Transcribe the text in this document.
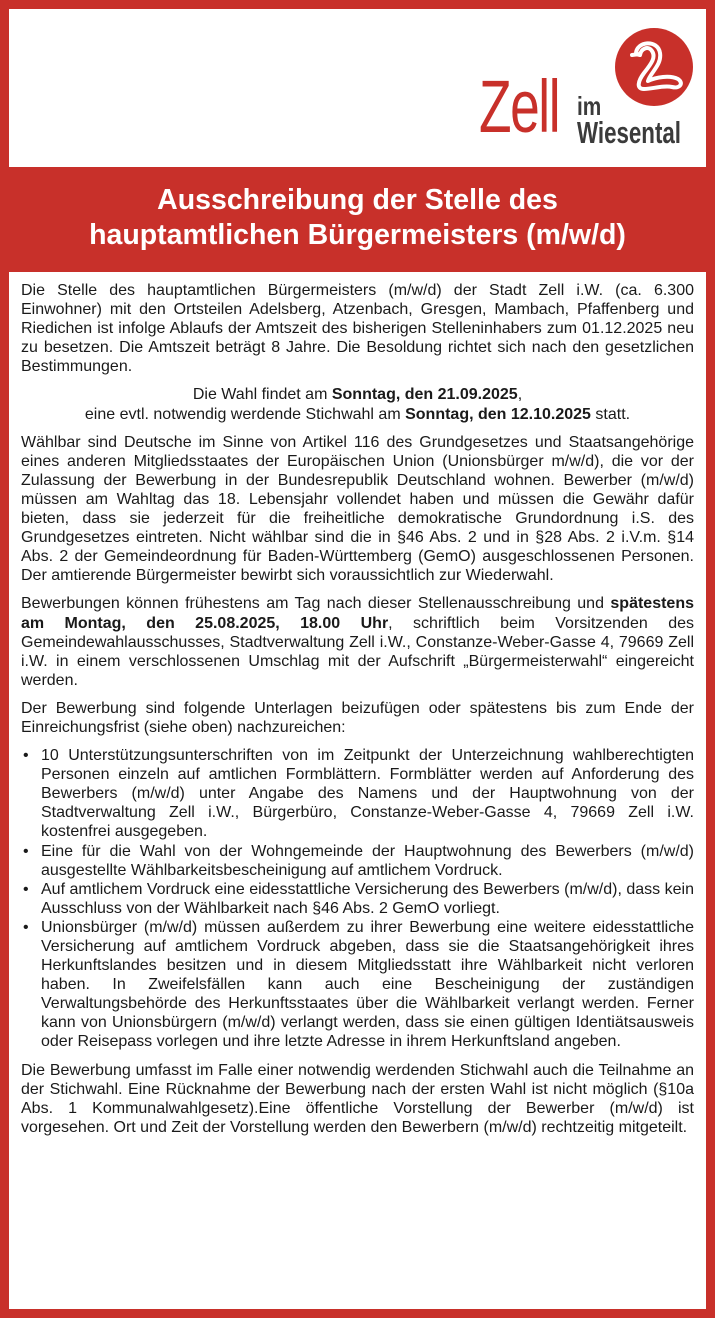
Zell im
Wiesental
Ausschreibung der Stelle des
hauptamtlichen Bürgermeisters (m/w/d)

Die Stelle des hauptamtlichen Bürgermeisters (m/w/d) der Stadt Zell i.W. (ca. 6.300 Einwohner) mit den Ortsteilen Adelsberg, Atzenbach, Gresgen, Mambach, Pfaffenberg und Riedichen ist infolge Ablaufs der Amtszeit des bisherigen Stelleninhabers zum 01.12.2025 neu zu besetzen. Die Amtszeit beträgt 8 Jahre. Die Besoldung richtet sich nach den gesetzlichen Bestimmungen.

Die Wahl findet am Sonntag, den 21.09.2025,
eine evtl. notwendig werdende Stichwahl am Sonntag, den 12.10.2025 statt.

Wählbar sind Deutsche im Sinne von Artikel 116 des Grundgesetzes und Staatsangehörige eines anderen Mitgliedsstaates der Europäischen Union (Unionsbürger m/w/d), die vor der Zulassung der Bewerbung in der Bundesrepublik Deutschland wohnen. Bewerber (m/w/d) müssen am Wahltag das 18. Lebensjahr vollendet haben und müssen die Gewähr dafür bieten, dass sie jederzeit für die freiheitliche demokratische Grundordnung i.S. des Grundgesetzes eintreten. Nicht wählbar sind die in §46 Abs. 2 und in §28 Abs. 2 i.V.m. §14 Abs. 2 der Gemeindeordnung für Baden-Württemberg (GemO) ausgeschlossenen Personen. Der amtierende Bürgermeister bewirbt sich voraussichtlich zur Wiederwahl.

Bewerbungen können frühestens am Tag nach dieser Stellenausschreibung und spätestens am Montag, den 25.08.2025, 18.00 Uhr, schriftlich beim Vorsitzenden des Gemeindewahlausschusses, Stadtverwaltung Zell i.W., Constanze-Weber-Gasse 4, 79669 Zell i.W. in einem verschlossenen Umschlag mit der Aufschrift „Bürgermeisterwahl“ eingereicht werden.

Der Bewerbung sind folgende Unterlagen beizufügen oder spätestens bis zum Ende der Einreichungsfrist (siehe oben) nachzureichen:

• 10 Unterstützungsunterschriften von im Zeitpunkt der Unterzeichnung wahlberechtigten Personen einzeln auf amtlichen Formblättern. Formblätter werden auf Anforderung des Bewerbers (m/w/d) unter Angabe des Namens und der Hauptwohnung von der Stadtverwaltung Zell i.W., Bürgerbüro, Constanze-Weber-Gasse 4, 79669 Zell i.W. kostenfrei ausgegeben.
• Eine für die Wahl von der Wohngemeinde der Hauptwohnung des Bewerbers (m/w/d) ausgestellte Wählbarkeitsbescheinigung auf amtlichem Vordruck.
• Auf amtlichem Vordruck eine eidesstattliche Versicherung des Bewerbers (m/w/d), dass kein Ausschluss von der Wählbarkeit nach §46 Abs. 2 GemO vorliegt.
• Unionsbürger (m/w/d) müssen außerdem zu ihrer Bewerbung eine weitere eidesstattliche Versicherung auf amtlichem Vordruck abgeben, dass sie die Staatsangehörigkeit ihres Herkunftslandes besitzen und in diesem Mitgliedsstatt ihre Wählbarkeit nicht verloren haben. In Zweifelsfällen kann auch eine Bescheinigung der zuständigen Verwaltungsbehörde des Herkunftsstaates über die Wählbarkeit verlangt werden. Ferner kann von Unionsbürgern (m/w/d) verlangt werden, dass sie einen gültigen Identiätsausweis oder Reisepass vorlegen und ihre letzte Adresse in ihrem Herkunftsland angeben.

Die Bewerbung umfasst im Falle einer notwendig werdenden Stichwahl auch die Teilnahme an der Stichwahl. Eine Rücknahme der Bewerbung nach der ersten Wahl ist nicht möglich (§10a Abs. 1 Kommunalwahlgesetz).Eine öffentliche Vorstellung der Bewerber (m/w/d) ist vorgesehen. Ort und Zeit der Vorstellung werden den Bewerbern (m/w/d) rechtzeitig mitgeteilt.
